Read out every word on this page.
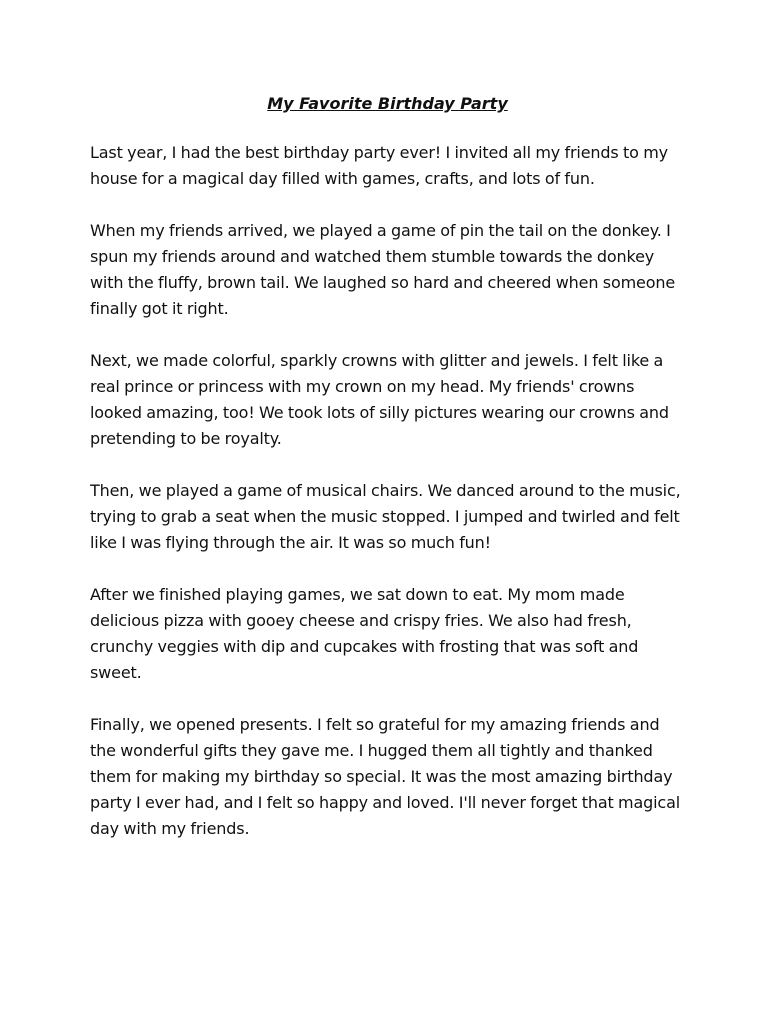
My Favorite Birthday Party

Last year, I had the best birthday party ever! I invited all my friends to my house for a magical day filled with games, crafts, and lots of fun.

When my friends arrived, we played a game of pin the tail on the donkey. I spun my friends around and watched them stumble towards the donkey with the fluffy, brown tail. We laughed so hard and cheered when someone finally got it right.

Next, we made colorful, sparkly crowns with glitter and jewels. I felt like a real prince or princess with my crown on my head. My friends' crowns looked amazing, too! We took lots of silly pictures wearing our crowns and pretending to be royalty.

Then, we played a game of musical chairs. We danced around to the music, trying to grab a seat when the music stopped. I jumped and twirled and felt like I was flying through the air. It was so much fun!

After we finished playing games, we sat down to eat. My mom made delicious pizza with gooey cheese and crispy fries. We also had fresh, crunchy veggies with dip and cupcakes with frosting that was soft and sweet.

Finally, we opened presents. I felt so grateful for my amazing friends and the wonderful gifts they gave me. I hugged them all tightly and thanked them for making my birthday so special. It was the most amazing birthday party I ever had, and I felt so happy and loved. I'll never forget that magical day with my friends.
